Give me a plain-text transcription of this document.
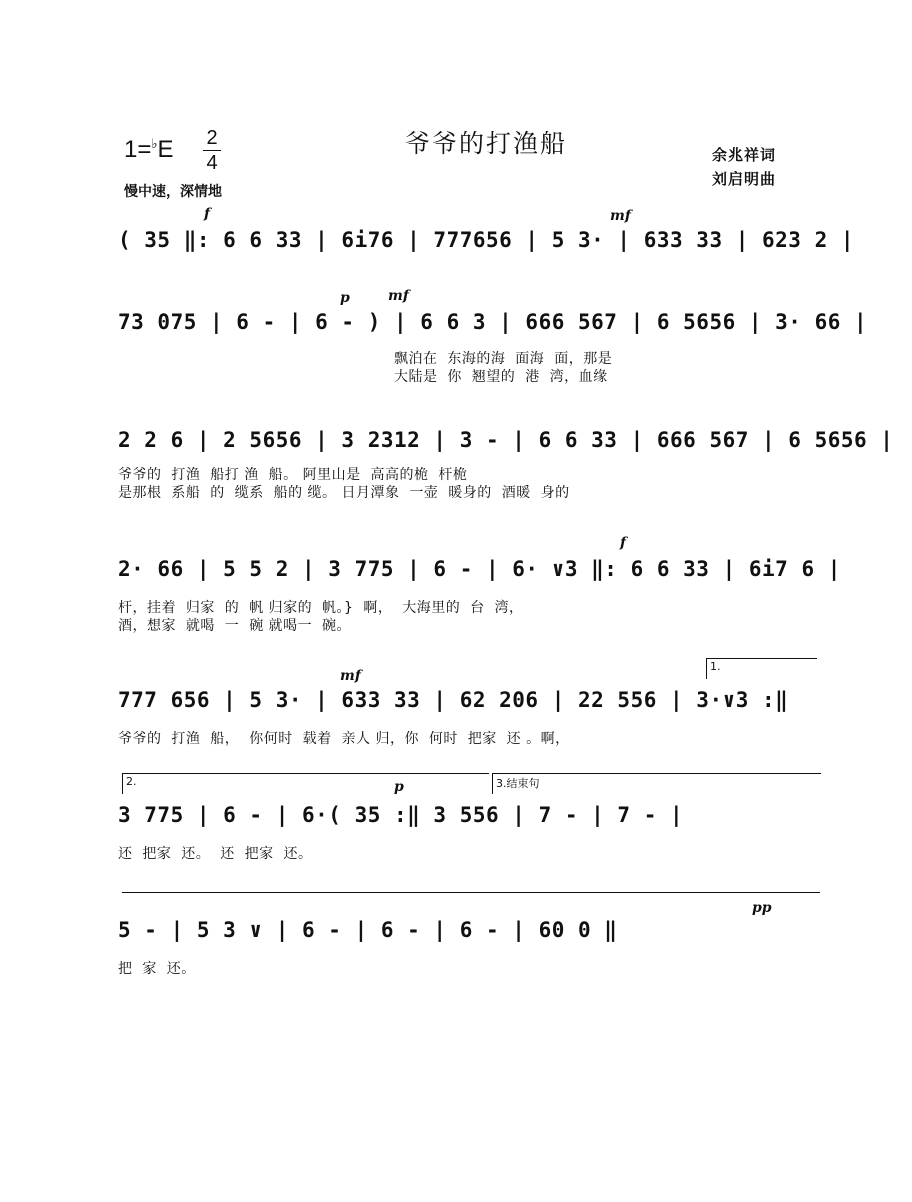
爷爷的打渔船
1=♭E 2
4	余兆祥词
刘启明曲
慢中速，深情地
f	mf
( 35 ‖: 6 6 33 | 6i76 | 777656 | 5 3· | 633 33 | 623 2 |
p	mf
73 075 | 6 - | 6 - ) | 6 6 3 | 666 567 | 6 5656 | 3· 66 |
飘泊在  东海的海  面海  面，那是
大陆是  你  翘望的  港  湾，血缘
2 2 6 | 2 5656 | 3 2312 | 3 - | 6 6 33 | 666 567 | 6 5656 |
爷爷的  打渔  船打 渔  船。 阿里山是  高高的桅  杆桅
是那根  系船  的  缆系  船的 缆。 日月潭象  一壶  暖身的  酒暖  身的
f
2· 66 | 5 5 2 | 3 775 | 6 - | 6· ∨3 ‖: 6 6 33 | 6i7 6 |
杆，挂着  归家  的  帆 归家的  帆。}  啊，  大海里的  台  湾，
酒，想家  就喝  一  碗 就喝一  碗。
1.
mf
777 656 | 5 3· | 633 33 | 62 206 | 22 556 | 3·∨3 :‖
爷爷的  打渔  船，  你何时  载着  亲人 归，你  何时  把家  还 。啊，
2.	3.结束句
p
3 775 | 6 - | 6·( 35 :‖ 3 556 | 7 - | 7 - |
还  把家  还。  还  把家  还。
pp
5 - | 5 3 ∨ | 6 - | 6 - | 6 - | 60 0 ‖
把  家  还。
